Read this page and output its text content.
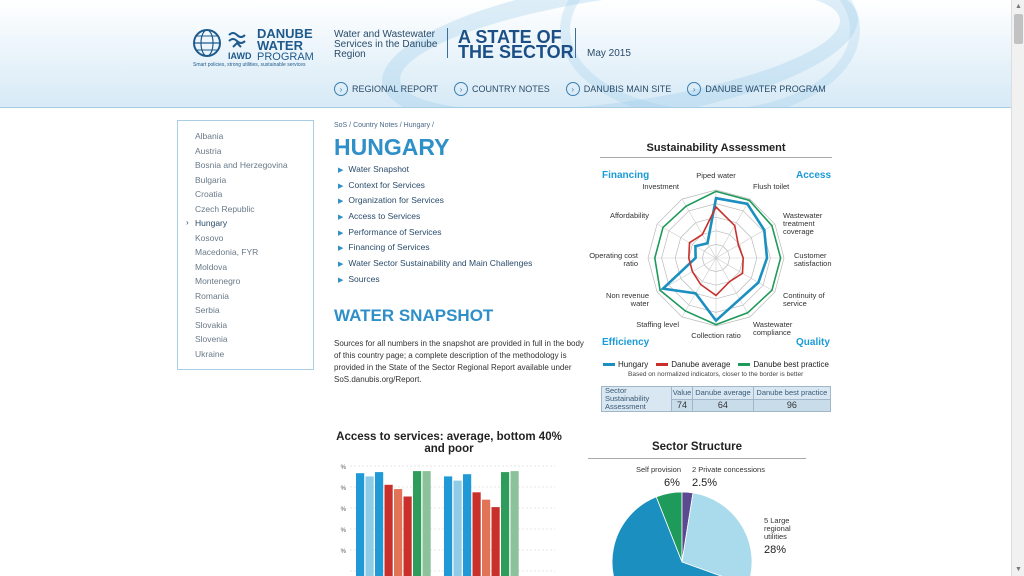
DANUBE
WATER
PROGRAM
IAWD
Smart policies, strong utilities, sustainable services
Water and Wastewater Services in the Danube Region
A STATE OF
THE SECTOR May 2015
›	REGIONAL REPORT	›	COUNTRY NOTES	›	DANUBIS MAIN SITE	›	DANUBE WATER PROGRAM
▲
▼
Albania
Austria
Bosnia and Herzegovina
Bulgaria
Croatia
Czech Republic
› Hungary
Kosovo
Macedonia, FYR
Moldova
Montenegro
Romania
Serbia
Slovakia
Slovenia
Ukraine
SoS / Country Notes / Hungary /
HUNGARY
▶ Water Snapshot
▶ Context for Services
▶ Organization for Services
▶ Access to Services
▶ Performance of Services
▶ Financing of Services
▶ Water Sector Sustainability and Main Challenges
▶ Sources
WATER SNAPSHOT
Sources for all numbers in the snapshot are provided in full in the body of this country page; a complete description of the methodology is provided in the State of the Sector Regional Report available under SoS.danubis.org/Report.
Sustainability Assessment
Financing	Access
Efficiency	Quality
Piped water
Flush toilet
Wastewater treatment coverage
Customer satisfaction
Continuity of service
Wastewater compliance
Collection ratio
Staffing level
Non revenue water
Operating cost ratio
Affordability
Investment
Hungary	Danube average	Danube best practice
Based on normalized indicators, closer to the border is better
Sector Sustainability Assessment	Value	Danube average	Danube best practice
	74	64	96
Access to services: average, bottom 40% and poor
%
%
%
%
%
Sector Structure
Self provision 2 Private concessions
6% 2.5%
5 Large regional utilities
28%
